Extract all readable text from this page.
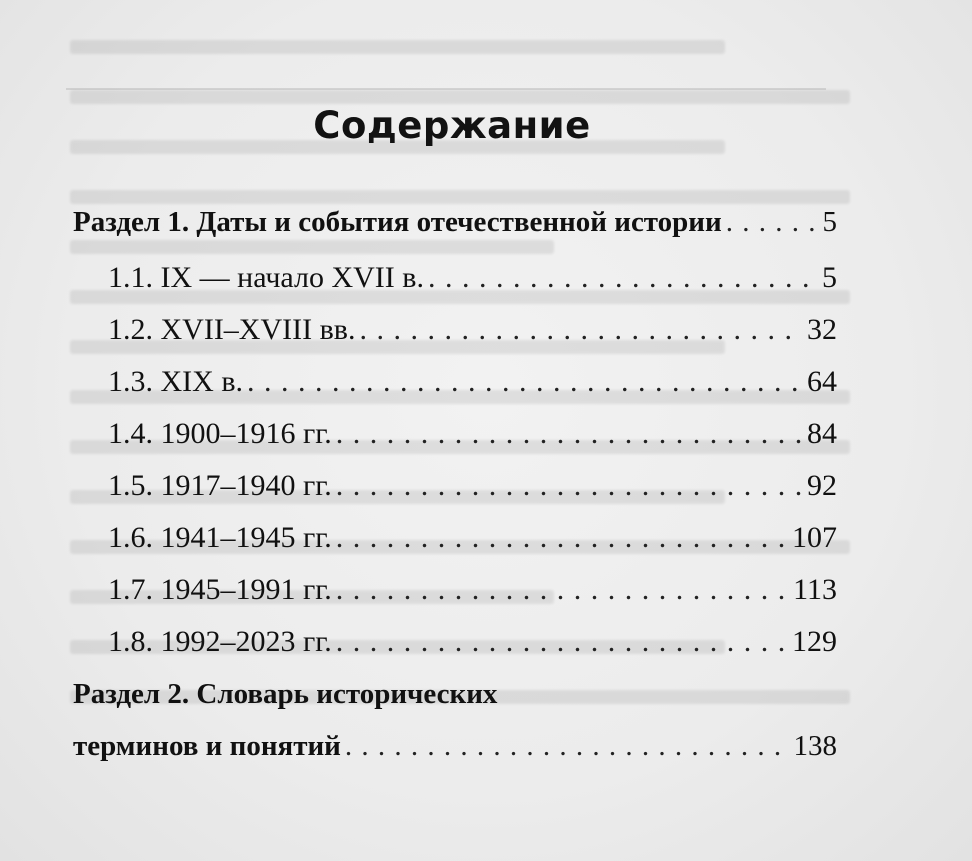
Содержание
Раздел 1. Даты и события отечественной истории . . .	5
1.1. IX — начало XVII в. . . .	5
1.2. XVII–XVIII вв. . . .	32
1.3. XIX в. . . .	64
1.4. 1900–1916 гг. . . .	84
1.5. 1917–1940 гг. . . .	92
1.6. 1941–1945 гг. . . .	107
1.7. 1945–1991 гг. . . .	113
1.8. 1992–2023 гг. . . .	129
Раздел 2. Словарь исторических
терминов и понятий . . .	138
